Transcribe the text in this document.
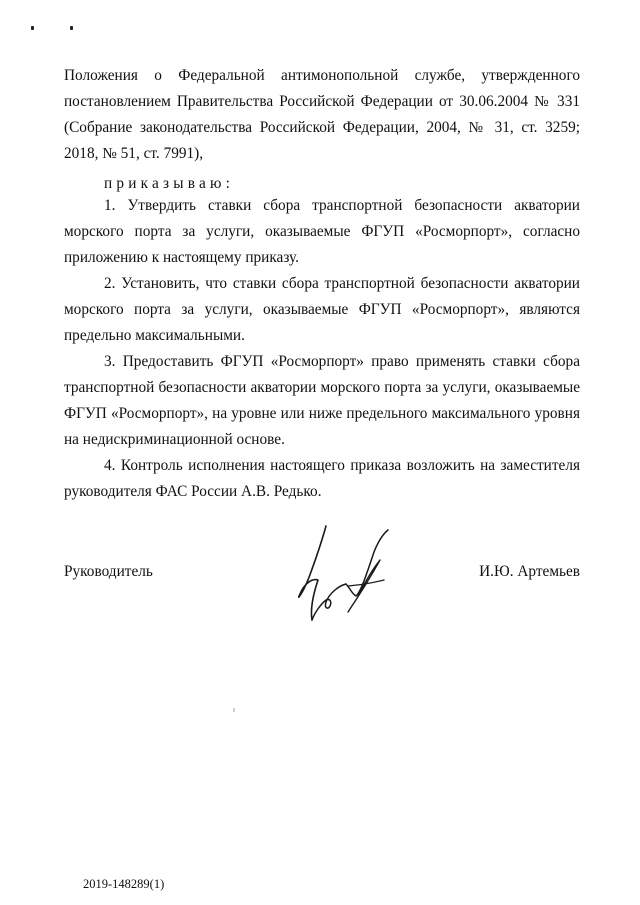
Положения о Федеральной антимонопольной службе, утвержденного постановлением Правительства Российской Федерации от 30.06.2004 № 331 (Собрание законодательства Российской Федерации, 2004, № 31, ст. 3259; 2018, № 51, ст. 7991),

приказываю:

1. Утвердить ставки сбора транспортной безопасности акватории морского порта за услуги, оказываемые ФГУП «Росморпорт», согласно приложению к настоящему приказу.

2. Установить, что ставки сбора транспортной безопасности акватории морского порта за услуги, оказываемые ФГУП «Росморпорт», являются предельно максимальными.

3. Предоставить ФГУП «Росморпорт» право применять ставки сбора транспортной безопасности акватории морского порта за услуги, оказываемые ФГУП «Росморпорт», на уровне или ниже предельного максимального уровня на недискриминационной основе.

4. Контроль исполнения настоящего приказа возложить на заместителя руководителя ФАС России А.В. Редько.

Руководитель	И.Ю. Артемьев
2019-148289(1)
